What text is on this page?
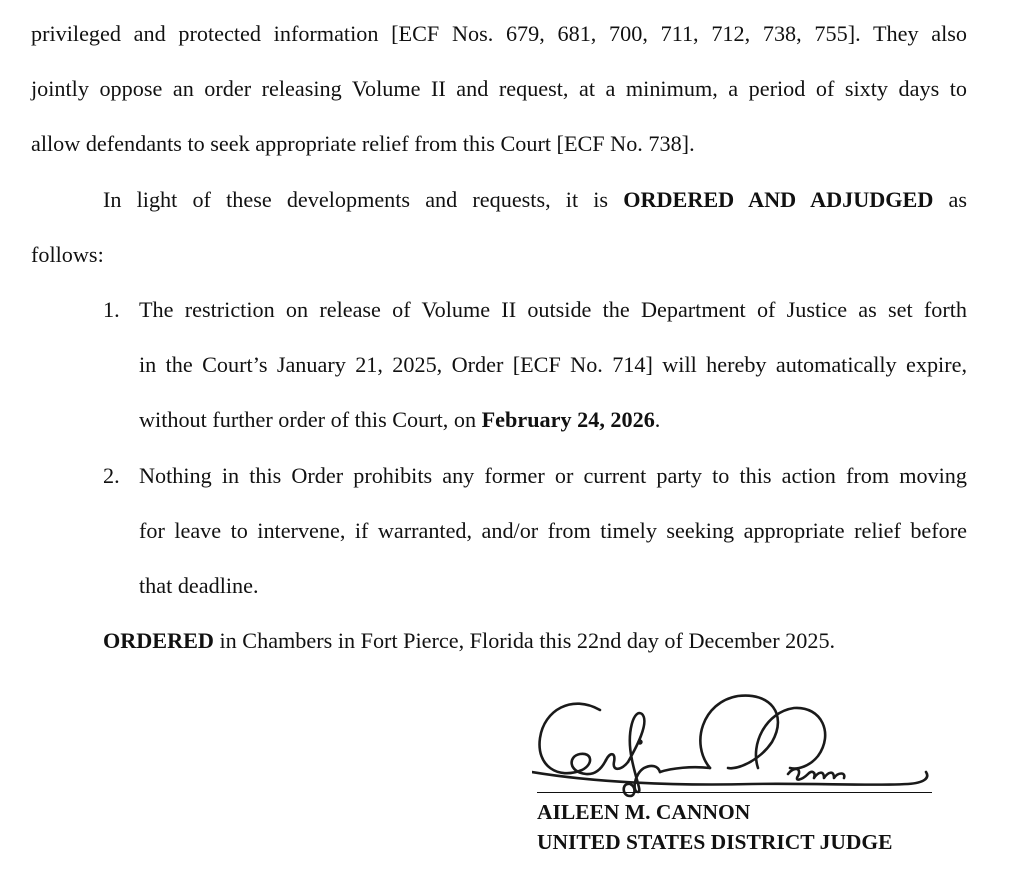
privileged and protected information [ECF Nos. 679, 681, 700, 711, 712, 738, 755]. They also
jointly oppose an order releasing Volume II and request, at a minimum, a period of sixty days to
allow defendants to seek appropriate relief from this Court [ECF No. 738].
In light of these developments and requests, it is ORDERED AND ADJUDGED as
follows:
1. The restriction on release of Volume II outside the Department of Justice as set forth
in the Court’s January 21, 2025, Order [ECF No. 714] will hereby automatically expire,
without further order of this Court, on February 24, 2026.
2. Nothing in this Order prohibits any former or current party to this action from moving
for leave to intervene, if warranted, and/or from timely seeking appropriate relief before
that deadline.
ORDERED in Chambers in Fort Pierce, Florida this 22nd day of December 2025.
AILEEN M. CANNON
UNITED STATES DISTRICT JUDGE
